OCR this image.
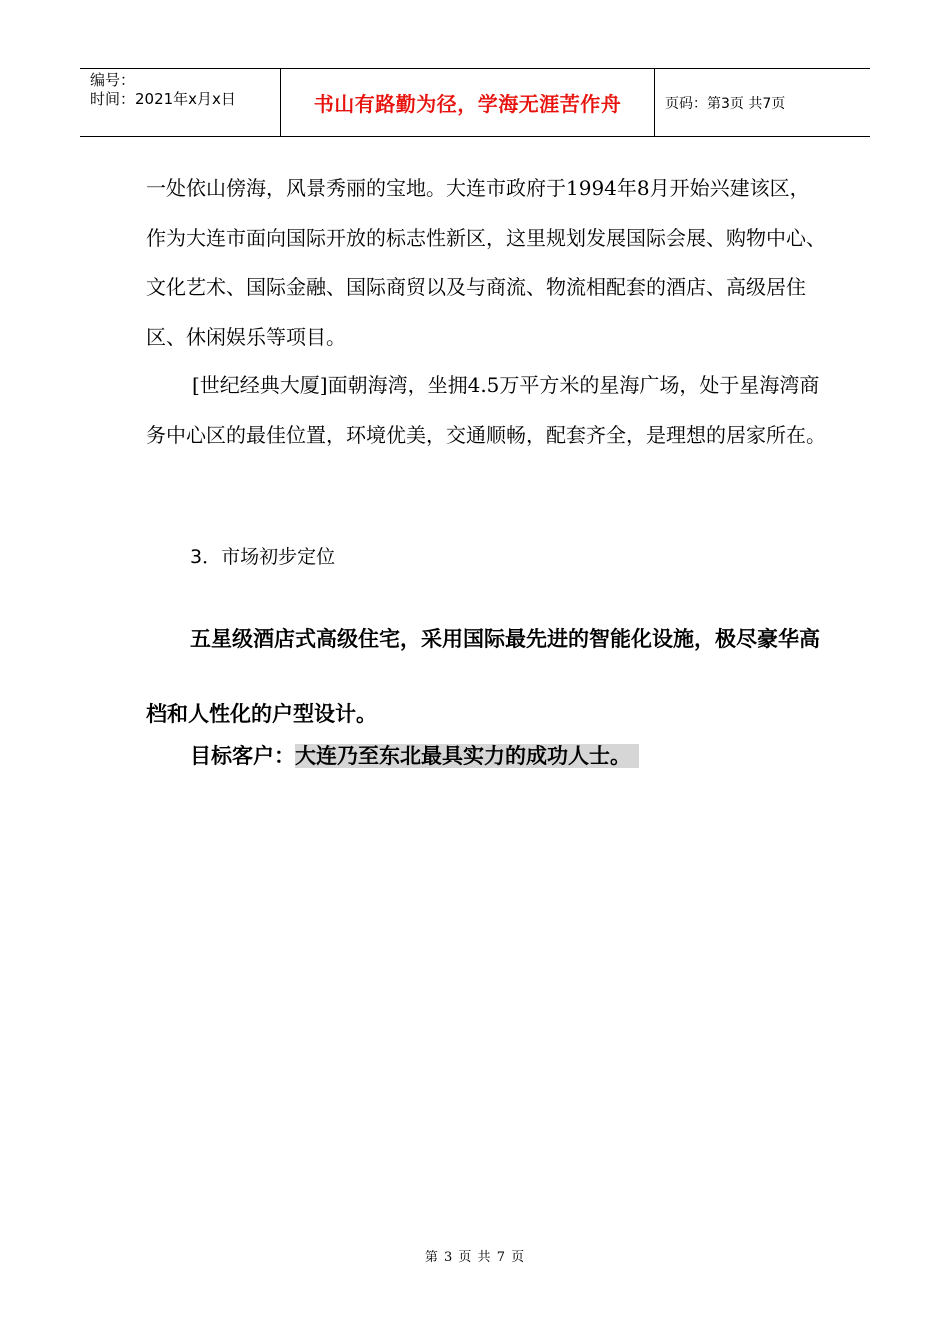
编号：
时间：2021年x月x日	书山有路勤为径，学海无涯苦作舟	页码：第3页 共7页

一处依山傍海，风景秀丽的宝地。大连市政府于1994年8月开始兴建该区，作为大连市面向国际开放的标志性新区，这里规划发展国际会展、购物中心、文化艺术、国际金融、国际商贸以及与商流、物流相配套的酒店、高级居住区、休闲娱乐等项目。

[世纪经典大厦]面朝海湾，坐拥4.5万平方米的星海广场，处于星海湾商务中心区的最佳位置，环境优美，交通顺畅，配套齐全，是理想的居家所在。

3．市场初步定位

五星级酒店式高级住宅，采用国际最先进的智能化设施，极尽豪华高档和人性化的户型设计。

目标客户：大连乃至东北最具实力的成功人士。

第 3 页 共 7 页
